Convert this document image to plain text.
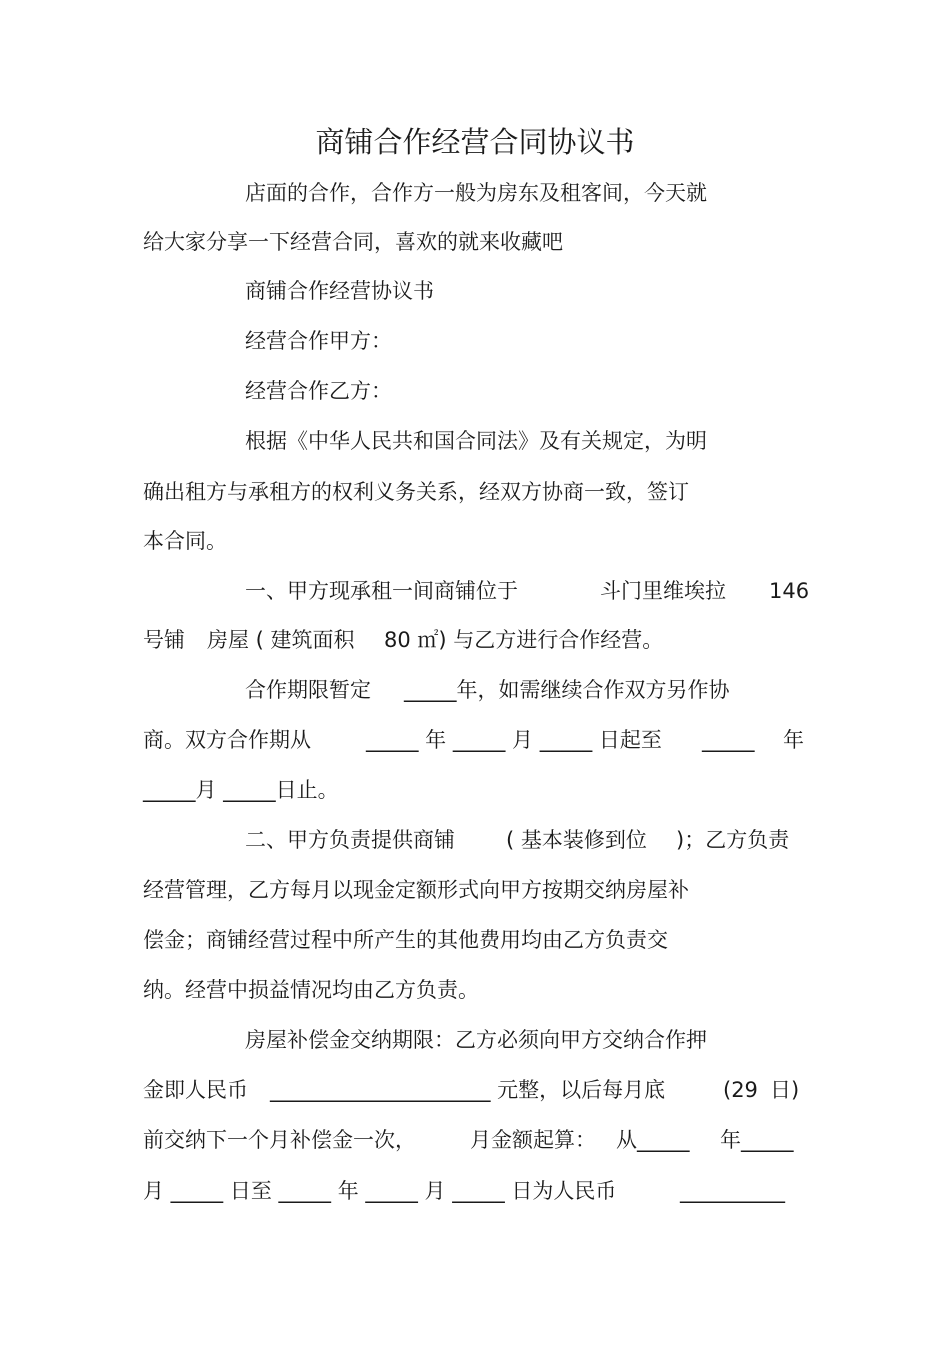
商铺合作经营合同协议书
店面的合作，合作方一般为房东及租客间，今天就
给大家分享一下经营合同，喜欢的就来收藏吧
商铺合作经营协议书
经营合作甲方：
经营合作乙方：
根据《中华人民共和国合同法》及有关规定，为明
确出租方与承租方的权利义务关系，经双方协商一致，签订
本合同。
一、甲方现承租一间商铺位于	斗门里维埃拉 146
号铺 房屋 ( 建筑面积 80 ㎡) 与乙方进行合作经营。
合作期限暂定 _____年，如需继续合作双方另作协
商。双方合作期从	_____ 年 _____ 月 _____ 日起至 _____ 年
_____月 _____日止。
二、甲方负责提供商铺 ( 基本装修到位 )；乙方负责
经营管理，乙方每月以现金定额形式向甲方按期交纳房屋补
偿金；商铺经营过程中所产生的其他费用均由乙方负责交
纳。经营中损益情况均由乙方负责。
房屋补偿金交纳期限：乙方必须向甲方交纳合作押
金即人民币 _____________________ 元整，以后每月底	(29 日)
前交纳下一个月补偿金一次，	月金额起算： 从_____ 年_____
月 _____ 日至 _____ 年 _____ 月 _____ 日为人民币	__________
